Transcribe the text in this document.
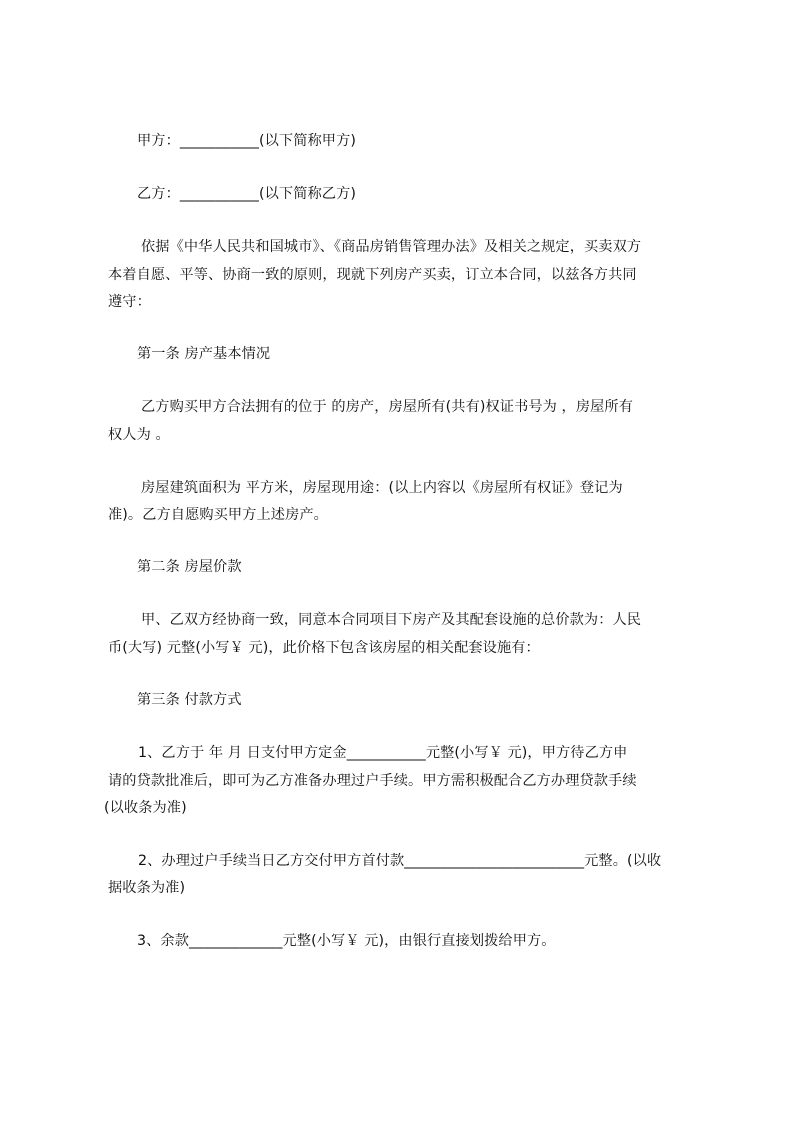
甲方：___________(以下简称甲方)
乙方：___________(以下简称乙方)
依据《中华人民共和国城市》、《商品房销售管理办法》及相关之规定，买卖双方
本着自愿、平等、协商一致的原则，现就下列房产买卖，订立本合同，以兹各方共同
遵守：
第一条 房产基本情况
乙方购买甲方合法拥有的位于 的房产，房屋所有(共有)权证书号为 ，房屋所有
权人为 。
房屋建筑面积为 平方米，房屋现用途：(以上内容以《房屋所有权证》登记为
准)。乙方自愿购买甲方上述房产。
第二条 房屋价款
甲、乙双方经协商一致，同意本合同项目下房产及其配套设施的总价款为：人民
币(大写) 元整(小写￥ 元)，此价格下包含该房屋的相关配套设施有：
第三条 付款方式
1、乙方于 年 月 日支付甲方定金___________元整(小写￥ 元)，甲方待乙方申
请的贷款批准后，即可为乙方准备办理过户手续。甲方需积极配合乙方办理贷款手续
(以收条为准)
2、办理过户手续当日乙方交付甲方首付款_________________________元整。(以收
据收条为准)
3、余款_____________元整(小写￥ 元)，由银行直接划拨给甲方。
